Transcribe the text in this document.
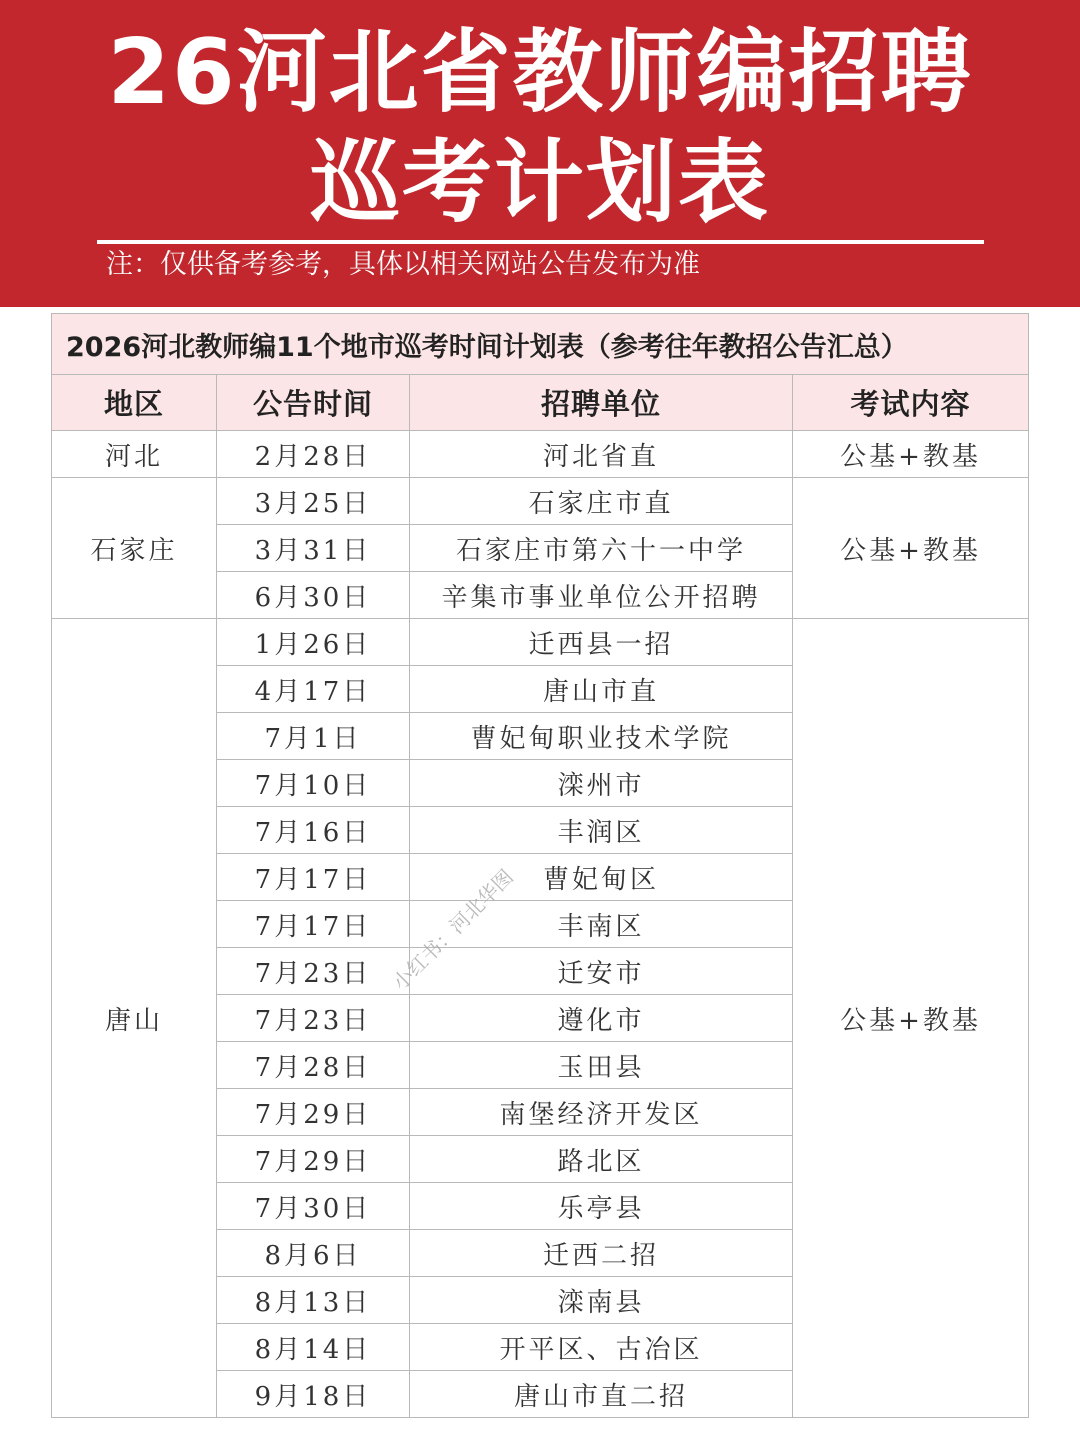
26河北省教师编招聘
巡考计划表
注：仅供备考参考，具体以相关网站公告发布为准
2026河北教师编11个地市巡考时间计划表（参考往年教招公告汇总）			
地区	公告时间	招聘单位	考试内容
河北	2月28日	河北省直	公基+教基
石家庄	3月25日	石家庄市直	公基+教基
	3月31日	石家庄市第六十一中学	
	6月30日	辛集市事业单位公开招聘	
唐山	1月26日	迁西县一招	公基+教基
	4月17日	唐山市直	
	7月1日	曹妃甸职业技术学院	
	7月10日	滦州市	
	7月16日	丰润区	
	7月17日	曹妃甸区	
	7月17日	丰南区	
	7月23日	迁安市	
	7月23日	遵化市	
	7月28日	玉田县	
	7月29日	南堡经济开发区	
	7月29日	路北区	
	7月30日	乐亭县	
	8月6日	迁西二招	
	8月13日	滦南县	
	8月14日	开平区、古冶区	
	9月18日	唐山市直二招	
小红书：河北华图
